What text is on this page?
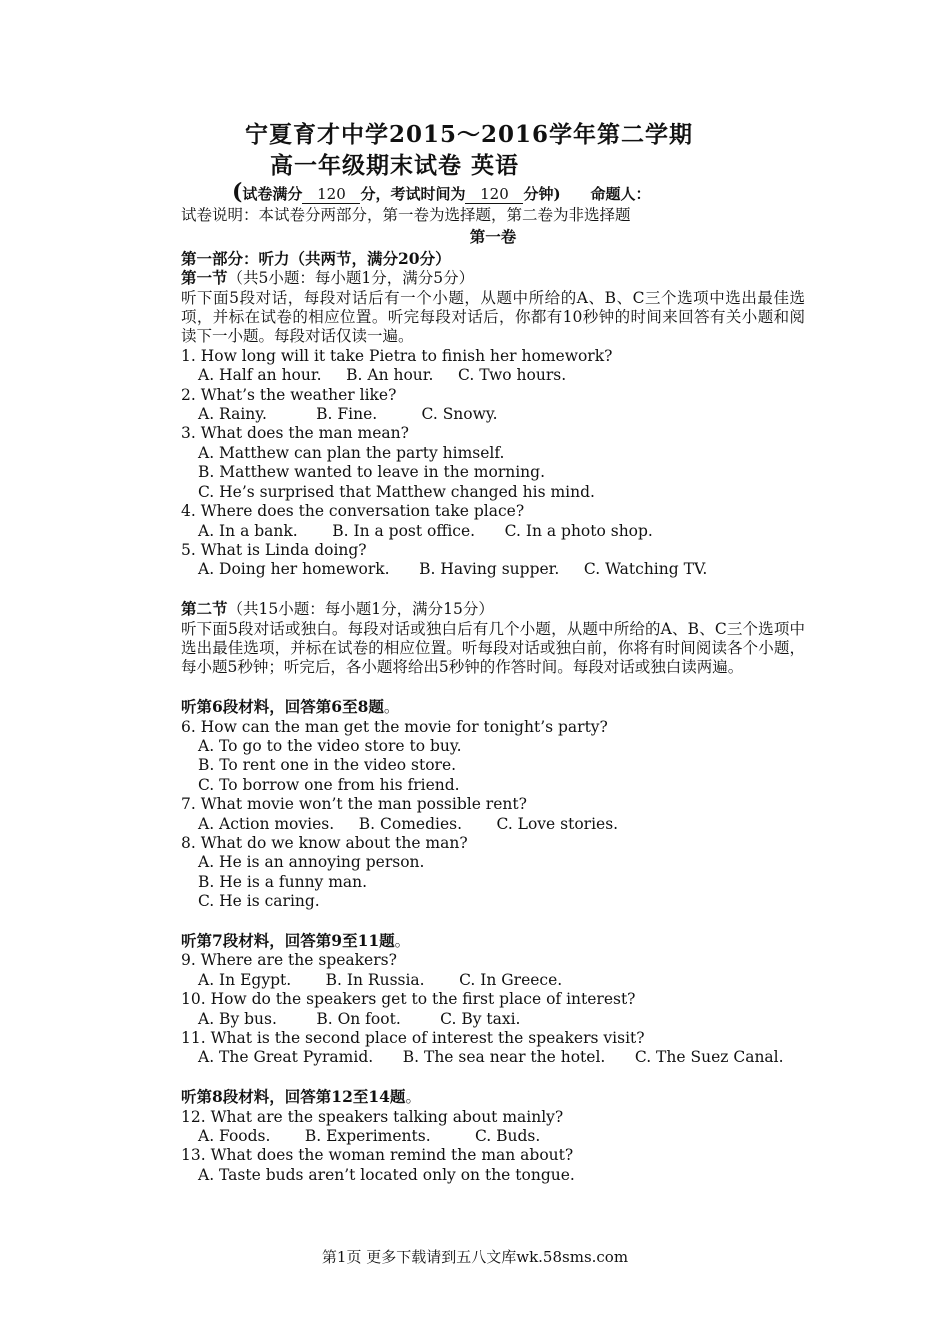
宁夏育才中学2015～2016学年第二学期
高一年级期末试卷 英语
(试卷满分 120 分，考试时间为 120 分钟)　　命题人：

试卷说明：本试卷分两部分，第一卷为选择题，第二卷为非选择题

第一卷

第一部分：听力（共两节，满分20分）

第一节（共5小题：每小题1分，满分5分）

听下面5段对话，每段对话后有一个小题，从题中所给的A、B、C三个选项中选出最佳选项，并标在试卷的相应位置。听完每段对话后，你都有10秒钟的时间来回答有关小题和阅读下一小题。每段对话仅读一遍。

1. How long will it take Pietra to finish her homework?

A. Half an hour.     B. An hour.     C. Two hours.

2. What’s the weather like?

A. Rainy.          B. Fine.         C. Snowy.

3. What does the man mean?

A. Matthew can plan the party himself.

B. Matthew wanted to leave in the morning.

C. He’s surprised that Matthew changed his mind.

4. Where does the conversation take place?

A. In a bank.       B. In a post office.      C. In a photo shop.

5. What is Linda doing?

A. Doing her homework.      B. Having supper.     C. Watching TV.

第二节（共15小题：每小题1分，满分15分）

听下面5段对话或独白。每段对话或独白后有几个小题，从题中所给的A、B、C三个选项中选出最佳选项，并标在试卷的相应位置。听每段对话或独白前，你将有时间阅读各个小题，每小题5秒钟；听完后，各小题将给出5秒钟的作答时间。每段对话或独白读两遍。

听第6段材料，回答第6至8题。

6. How can the man get the movie for tonight’s party?

A. To go to the video store to buy.

B. To rent one in the video store.

C. To borrow one from his friend.

7. What movie won’t the man possible rent?

A. Action movies.     B. Comedies.       C. Love stories.

8. What do we know about the man?

A. He is an annoying person.

B. He is a funny man.

C. He is caring.

听第7段材料，回答第9至11题。

9. Where are the speakers?

A. In Egypt.       B. In Russia.       C. In Greece.

10. How do the speakers get to the first place of interest?

A. By bus.        B. On foot.        C. By taxi.

11. What is the second place of interest the speakers visit?

A. The Great Pyramid.      B. The sea near the hotel.      C. The Suez Canal.

听第8段材料，回答第12至14题。

12. What are the speakers talking about mainly?

A. Foods.       B. Experiments.         C. Buds.

13. What does the woman remind the man about?

A. Taste buds aren’t located only on the tongue.

第1页 更多下载请到五八文库wk.58sms.com
